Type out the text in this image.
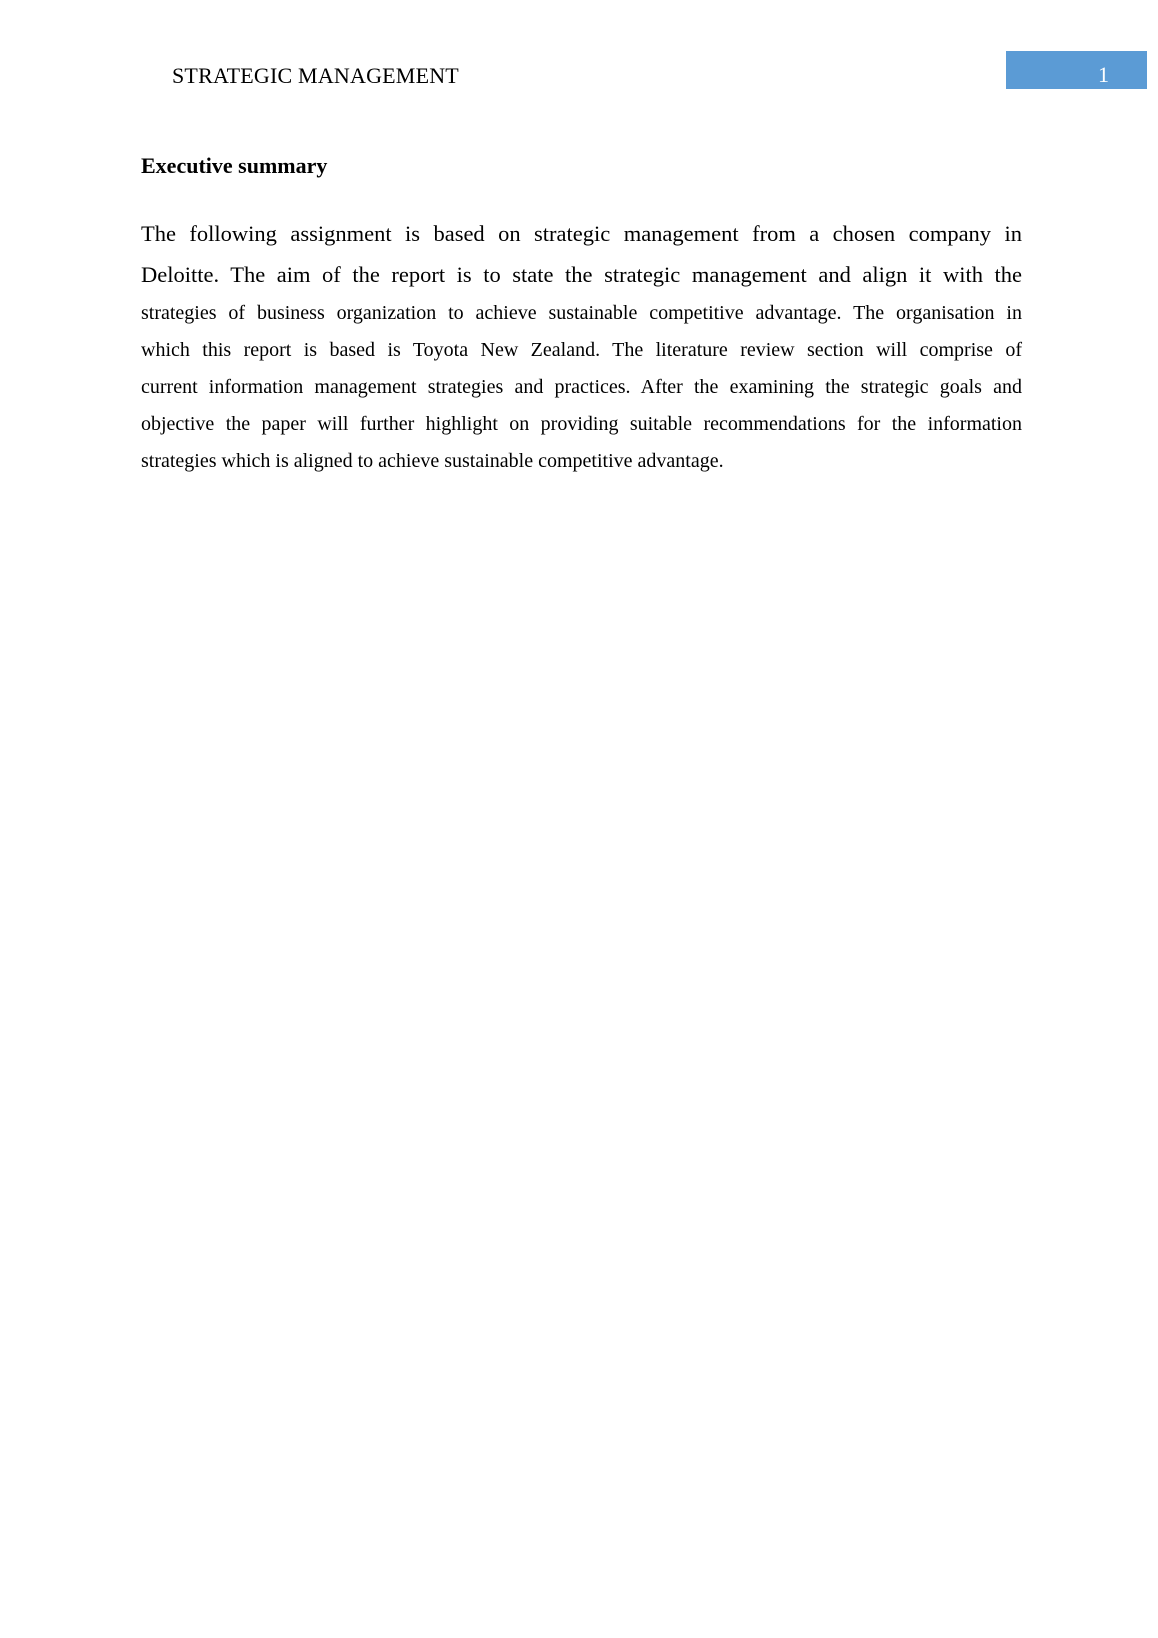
STRATEGIC MANAGEMENT	1
Executive summary
The following assignment is based on strategic management from a chosen company in
Deloitte. The aim of the report is to state the strategic management and align it with the
strategies of business organization to achieve sustainable competitive advantage. The organisation in
which this report is based is Toyota New Zealand. The literature review section will comprise of
current information management strategies and practices. After the examining the strategic goals and
objective the paper will further highlight on providing suitable recommendations for the information
strategies which is aligned to achieve sustainable competitive advantage.
